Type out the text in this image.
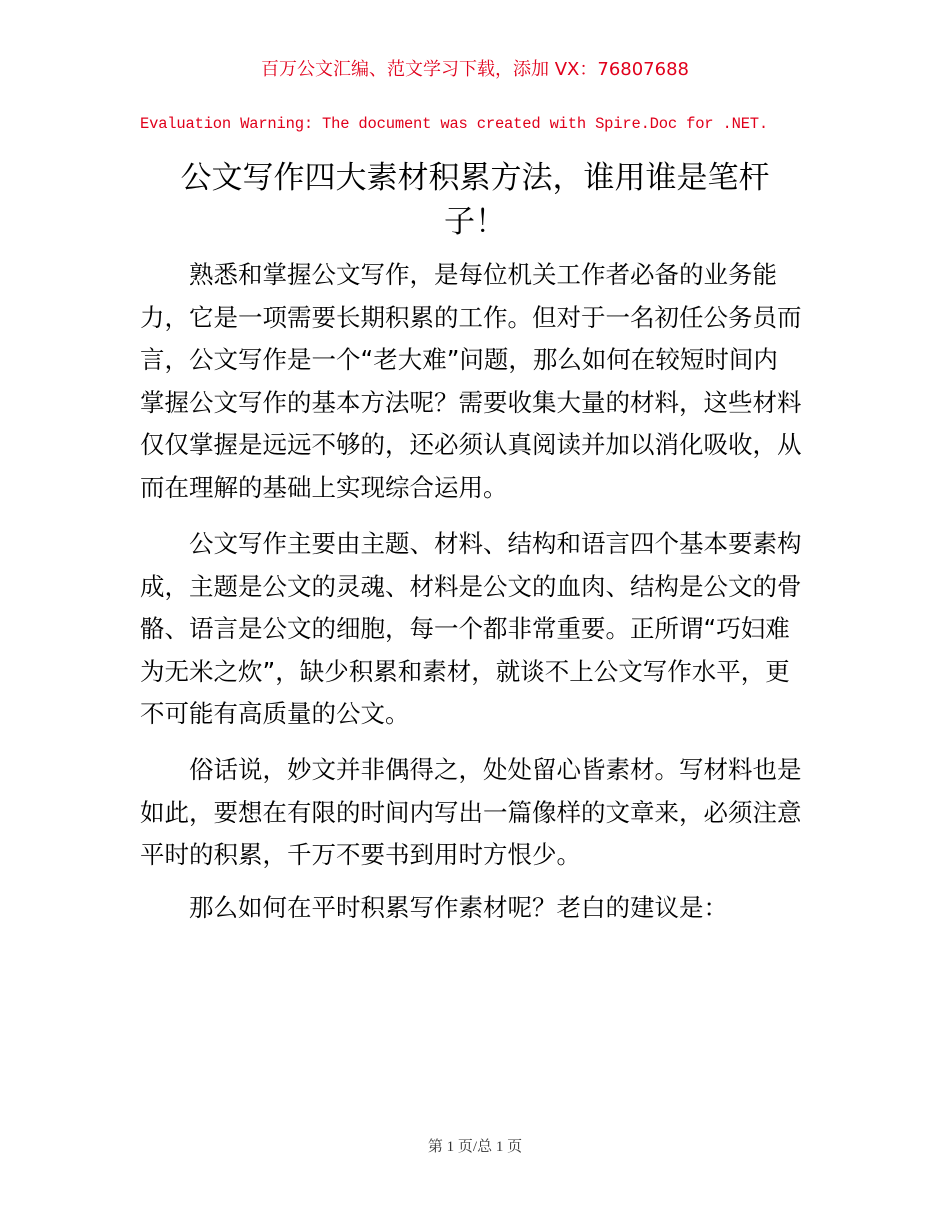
百万公文汇编、范文学习下载，添加 VX：76807688
Evaluation Warning: The document was created with Spire.Doc for .NET.
公文写作四大素材积累方法，谁用谁是笔杆
子！
熟悉和掌握公文写作，是每位机关工作者必备的业务能
力，它是一项需要长期积累的工作。但对于一名初任公务员而
言，公文写作是一个“老大难”问题，那么如何在较短时间内
掌握公文写作的基本方法呢？需要收集大量的材料，这些材料
仅仅掌握是远远不够的，还必须认真阅读并加以消化吸收，从
而在理解的基础上实现综合运用。
公文写作主要由主题、材料、结构和语言四个基本要素构
成，主题是公文的灵魂、材料是公文的血肉、结构是公文的骨
骼、语言是公文的细胞，每一个都非常重要。正所谓“巧妇难
为无米之炊”，缺少积累和素材，就谈不上公文写作水平，更
不可能有高质量的公文。
俗话说，妙文并非偶得之，处处留心皆素材。写材料也是
如此，要想在有限的时间内写出一篇像样的文章来，必须注意
平时的积累，千万不要书到用时方恨少。
那么如何在平时积累写作素材呢？老白的建议是：
第 1 页/总 1 页
